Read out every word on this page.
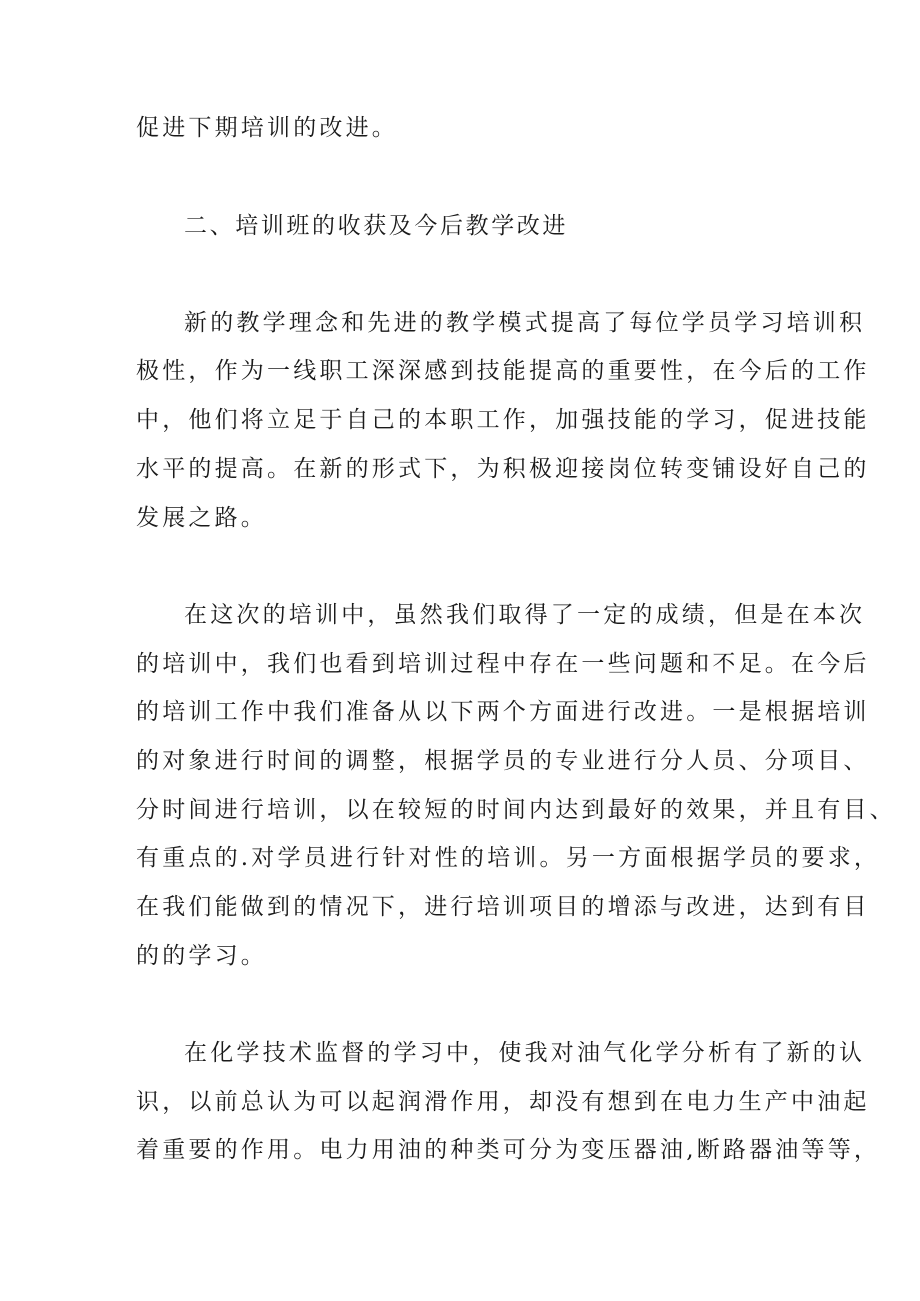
促进下期培训的改进。
二、培训班的收获及今后教学改进
新的教学理念和先进的教学模式提高了每位学员学习培训积
极性，作为一线职工深深感到技能提高的重要性，在今后的工作
中，他们将立足于自己的本职工作，加强技能的学习，促进技能
水平的提高。在新的形式下，为积极迎接岗位转变铺设好自己的
发展之路。
在这次的培训中，虽然我们取得了一定的成绩，但是在本次
的培训中，我们也看到培训过程中存在一些问题和不足。在今后
的培训工作中我们准备从以下两个方面进行改进。一是根据培训
的对象进行时间的调整，根据学员的专业进行分人员、分项目、
分时间进行培训，以在较短的时间内达到最好的效果，并且有目、
有重点的.对学员进行针对性的培训。另一方面根据学员的要求，
在我们能做到的情况下，进行培训项目的增添与改进，达到有目
的的学习。
在化学技术监督的学习中，使我对油气化学分析有了新的认
识，以前总认为可以起润滑作用，却没有想到在电力生产中油起
着重要的作用。电力用油的种类可分为变压器油,断路器油等等，
